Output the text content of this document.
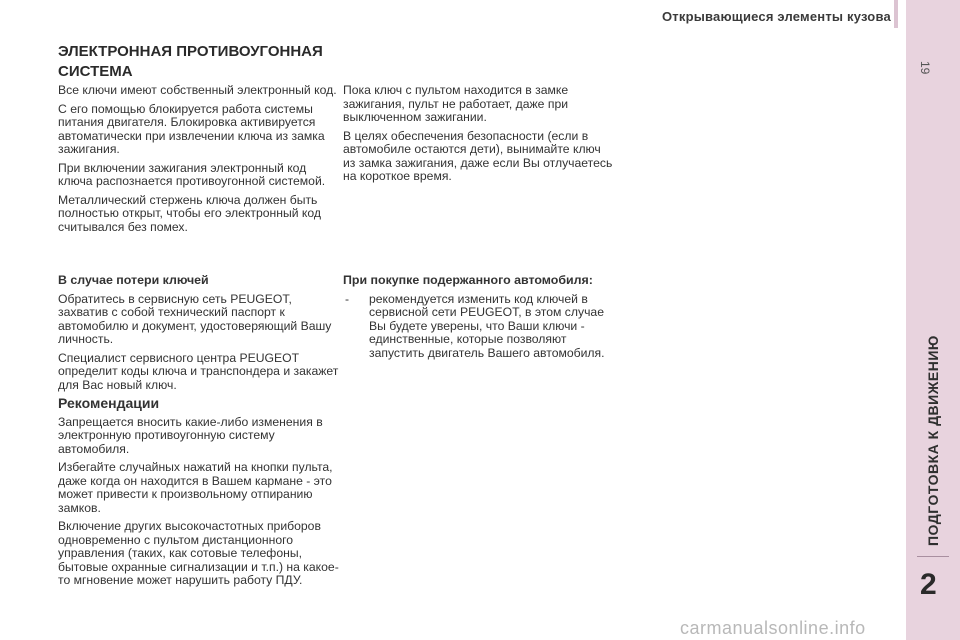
Открывающиеся элементы кузова
19
ПОДГОТОВКА К ДВИЖЕНИЮ
2
ЭЛЕКТРОННАЯ ПРОТИВОУГОННАЯ СИСТЕМА

Все ключи имеют собственный электронный код.

С его помощью блокируется работа системы питания двигателя. Блокировка активируется автоматически при извлечении ключа из замка зажигания.

При включении зажигания электронный код ключа распознается противоугонной системой.

Металлический стержень ключа должен быть полностью открыт, чтобы его электронный код считывался без помех.

Пока ключ с пультом находится в замке зажигания, пульт не работает, даже при выключенном зажигании.

В целях обеспечения безопасности (если в автомобиле остаются дети), вынимайте ключ из замка зажигания, даже если Вы отлучаетесь на короткое время.

В случае потери ключей

Обратитесь в сервисную сеть PEUGEOT, захватив с собой технический паспорт к автомобилю и документ, удостоверяющий Вашу личность.

Специалист сервисного центра PEUGEOT определит коды ключа и транспондера и закажет для Вас новый ключ.

Рекомендации

Запрещается вносить какие-либо изменения в электронную противоугонную систему автомобиля.

Избегайте случайных нажатий на кнопки пульта, даже когда он находится в Вашем кармане - это может привести к произвольному отпиранию замков.

Включение других высокочастотных приборов одновременно с пультом дистанционного управления (таких, как сотовые телефоны, бытовые охранные сигнализации и т.п.) на какое-то мгновение может нарушить работу ПДУ.

При покупке подержанного автомобиля:

- рекомендуется изменить код ключей в сервисной сети PEUGEOT, в этом случае Вы будете уверены, что Ваши ключи - единственные, которые позволяют запустить двигатель Вашего автомобиля.

carmanualsonline.info
